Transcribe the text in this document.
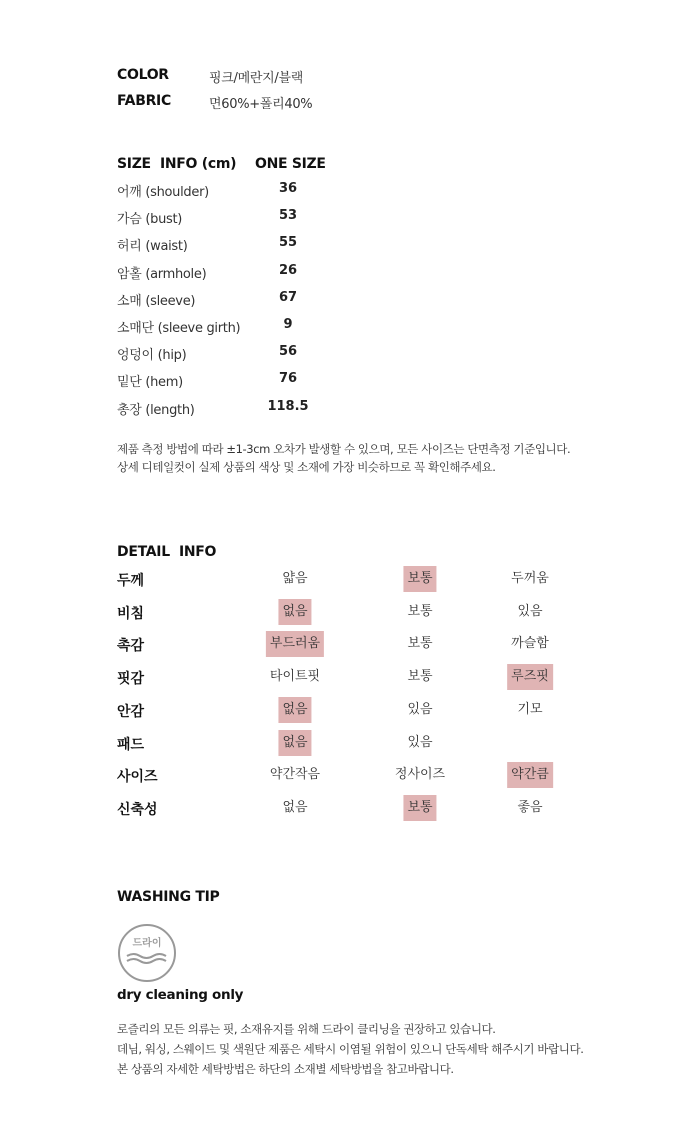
COLOR	핑크/메란지/블랙
FABRIC	면60%+폴리40%
SIZE  INFO (cm) ONE SIZE
어깨 (shoulder)	36
가슴 (bust)	53
허리 (waist)	55
암홀 (armhole)	26
소매 (sleeve)	67
소매단 (sleeve girth)	9
엉덩이 (hip)	56
밑단 (hem)	76
총장 (length)	118.5
제품 측정 방법에 따라 ±1-3cm 오차가 발생할 수 있으며, 모든 사이즈는 단면측정 기준입니다.
상세 디테일컷이 실제 상품의 색상 및 소재에 가장 비슷하므로 꼭 확인해주세요.
DETAIL  INFO
두께	얇음	보통	두꺼움
비침	없음	보통	있음
촉감	부드러움	보통	까슬함
핏감	타이트핏	보통	루즈핏
안감	없음	있음	기모
패드	없음	있음
사이즈	약간작음	정사이즈	약간큼
신축성	없음	보통	좋음
WASHING TIP
드라이
dry cleaning only
로즐리의 모든 의류는 핏, 소재유지를 위해 드라이 클리닝을 권장하고 있습니다.
데님, 워싱, 스웨이드 및 색원단 제품은 세탁시 이염될 위험이 있으니 단독세탁 해주시기 바랍니다.
본 상품의 자세한 세탁방법은 하단의 소재별 세탁방법을 참고바랍니다.
